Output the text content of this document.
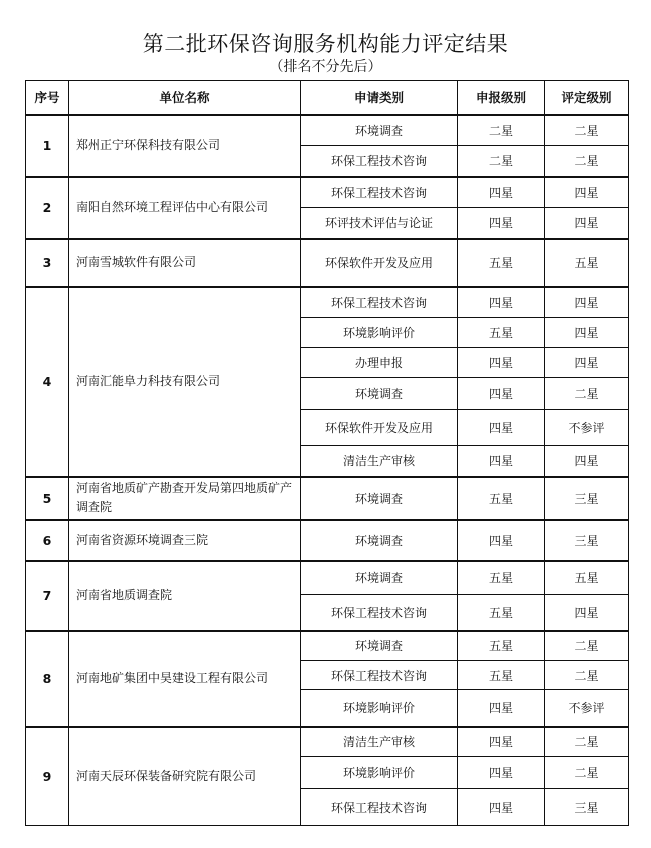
第二批环保咨询服务机构能力评定结果
（排名不分先后）
序号	单位名称	申请类别	申报级别	评定级别
1	郑州正宁环保科技有限公司	环境调查	二星	二星
		环保工程技术咨询	二星	二星
2	南阳自然环境工程评估中心有限公司	环保工程技术咨询	四星	四星
		环评技术评估与论证	四星	四星
3	河南雪城软件有限公司	环保软件开发及应用	五星	五星
4	河南汇能阜力科技有限公司	环保工程技术咨询	四星	四星
		环境影响评价	五星	四星
		办理申报	四星	四星
		环境调查	四星	二星
		环保软件开发及应用	四星	不参评
		清洁生产审核	四星	四星
5	河南省地质矿产勘查开发局第四地质矿产调查院	环境调查	五星	三星
6	河南省资源环境调查三院	环境调查	四星	三星
7	河南省地质调查院	环境调查	五星	五星
		环保工程技术咨询	五星	四星
8	河南地矿集团中昊建设工程有限公司	环境调查	五星	二星
		环保工程技术咨询	五星	二星
		环境影响评价	四星	不参评
9	河南天辰环保装备研究院有限公司	清洁生产审核	四星	二星
		环境影响评价	四星	二星
		环保工程技术咨询	四星	三星
